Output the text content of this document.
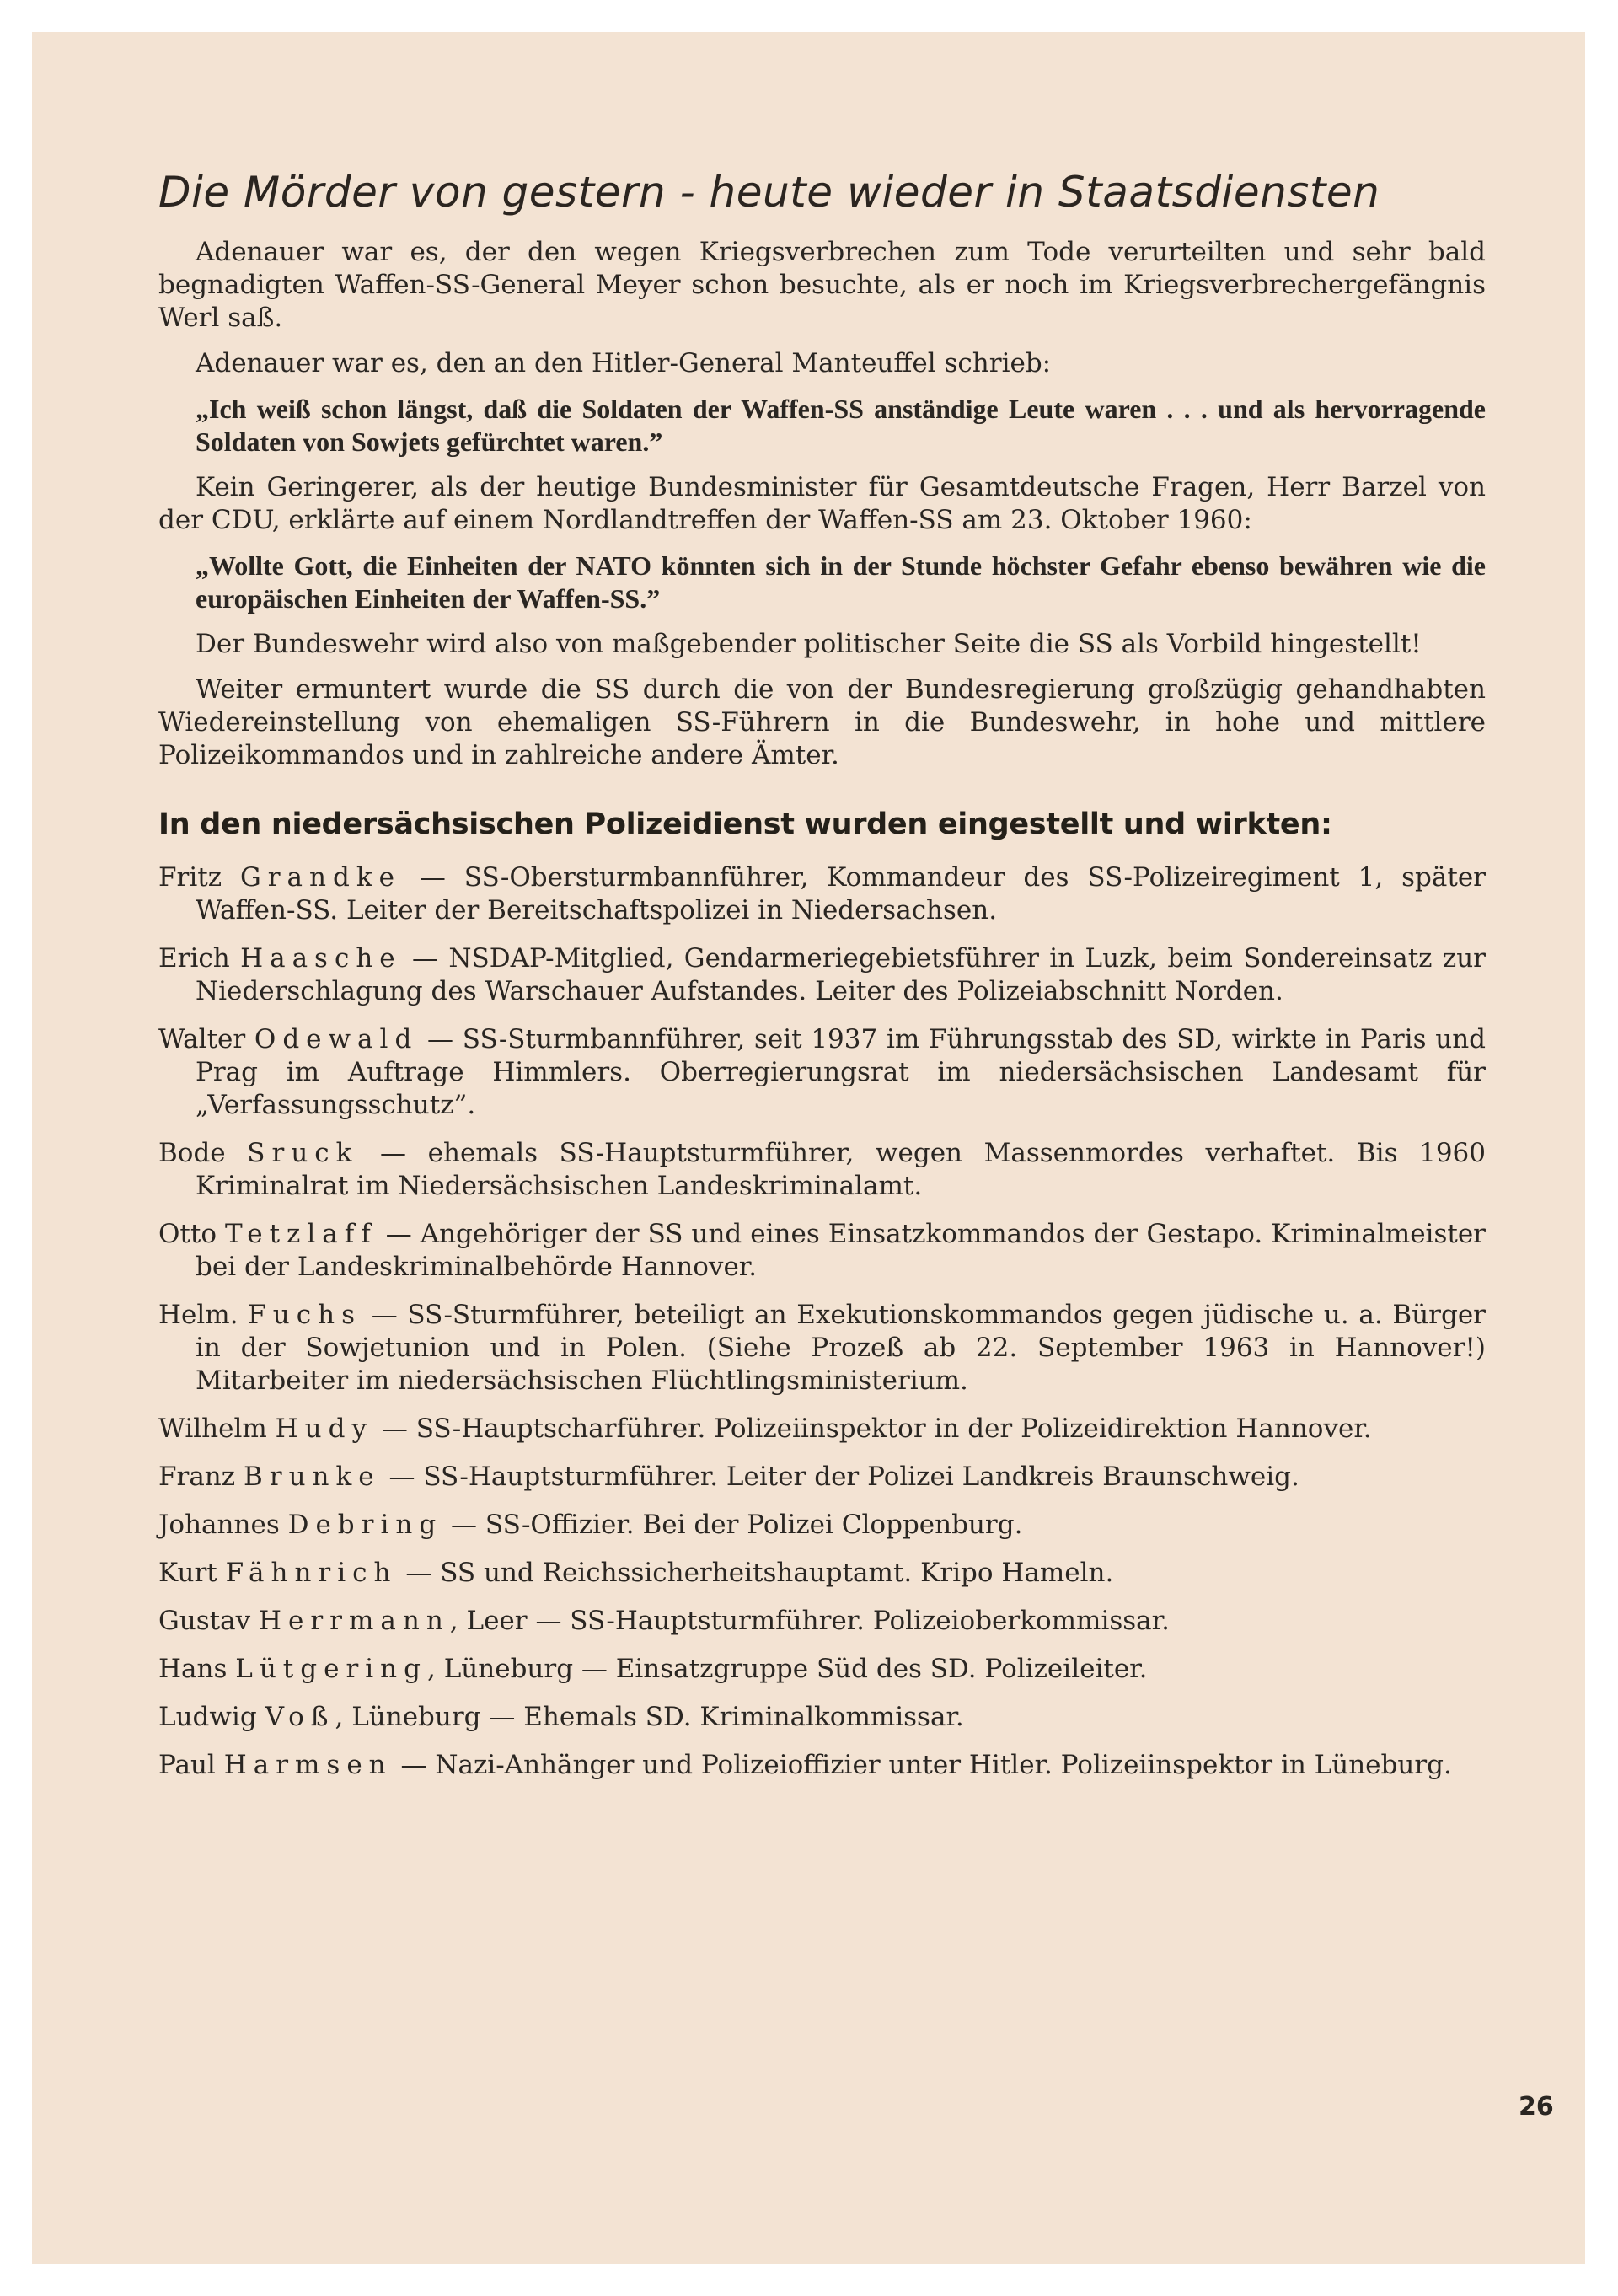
Die Mörder von gestern - heute wieder in Staatsdiensten

Adenauer war es, der den wegen Kriegsverbrechen zum Tode verurteilten und sehr bald begnadigten Waffen-SS-General Meyer schon besuchte, als er noch im Kriegsverbrechergefängnis Werl saß.

Adenauer war es, den an den Hitler-General Manteuffel schrieb:

„Ich weiß schon längst, daß die Soldaten der Waffen-SS anständige Leute waren . . . und als hervorragende Soldaten von Sowjets gefürchtet waren.”

Kein Geringerer, als der heutige Bundesminister für Gesamtdeutsche Fragen, Herr Barzel von der CDU, erklärte auf einem Nordlandtreffen der Waffen-SS am 23. Oktober 1960:

„Wollte Gott, die Einheiten der NATO könnten sich in der Stunde höchster Gefahr ebenso bewähren wie die europäischen Einheiten der Waffen-SS.”

Der Bundeswehr wird also von maßgebender politischer Seite die SS als Vorbild hingestellt!

Weiter ermuntert wurde die SS durch die von der Bundesregierung großzügig gehandhabten Wiedereinstellung von ehemaligen SS-Führern in die Bundeswehr, in hohe und mittlere Polizeikommandos und in zahlreiche andere Ämter.

In den niedersächsischen Polizeidienst wurden eingestellt und wirkten:

Fritz Grandke — SS-Obersturmbannführer, Kommandeur des SS-Polizeiregiment 1, später Waffen-SS. Leiter der Bereitschaftspolizei in Niedersachsen.

Erich Haasche — NSDAP-Mitglied, Gendarmeriegebietsführer in Luzk, beim Sondereinsatz zur Niederschlagung des Warschauer Aufstandes. Leiter des Polizeiabschnitt Norden.

Walter Odewald — SS-Sturmbannführer, seit 1937 im Führungsstab des SD, wirkte in Paris und Prag im Auftrage Himmlers. Oberregierungsrat im niedersächsischen Landesamt für „Verfassungsschutz”.

Bode Sruck — ehemals SS-Hauptsturmführer, wegen Massenmordes verhaftet. Bis 1960 Kriminalrat im Niedersächsischen Landeskriminalamt.

Otto Tetzlaff — Angehöriger der SS und eines Einsatzkommandos der Gestapo. Kriminalmeister bei der Landeskriminalbehörde Hannover.

Helm. Fuchs — SS-Sturmführer, beteiligt an Exekutionskommandos gegen jüdische u. a. Bürger in der Sowjetunion und in Polen. (Siehe Prozeß ab 22. September 1963 in Hannover!) Mitarbeiter im niedersächsischen Flüchtlingsministerium.

Wilhelm Hudy — SS-Hauptscharführer. Polizeiinspektor in der Polizeidirektion Hannover.

Franz Brunke — SS-Hauptsturmführer. Leiter der Polizei Landkreis Braunschweig.

Johannes Debring — SS-Offizier. Bei der Polizei Cloppenburg.

Kurt Fähnrich — SS und Reichssicherheitshauptamt. Kripo Hameln.

Gustav Herrmann, Leer — SS-Hauptsturmführer. Polizeioberkommissar.

Hans Lütgering, Lüneburg — Einsatzgruppe Süd des SD. Polizeileiter.

Ludwig Voß, Lüneburg — Ehemals SD. Kriminalkommissar.

Paul Harmsen — Nazi-Anhänger und Polizeioffizier unter Hitler. Polizeiinspektor in Lüneburg.

26
